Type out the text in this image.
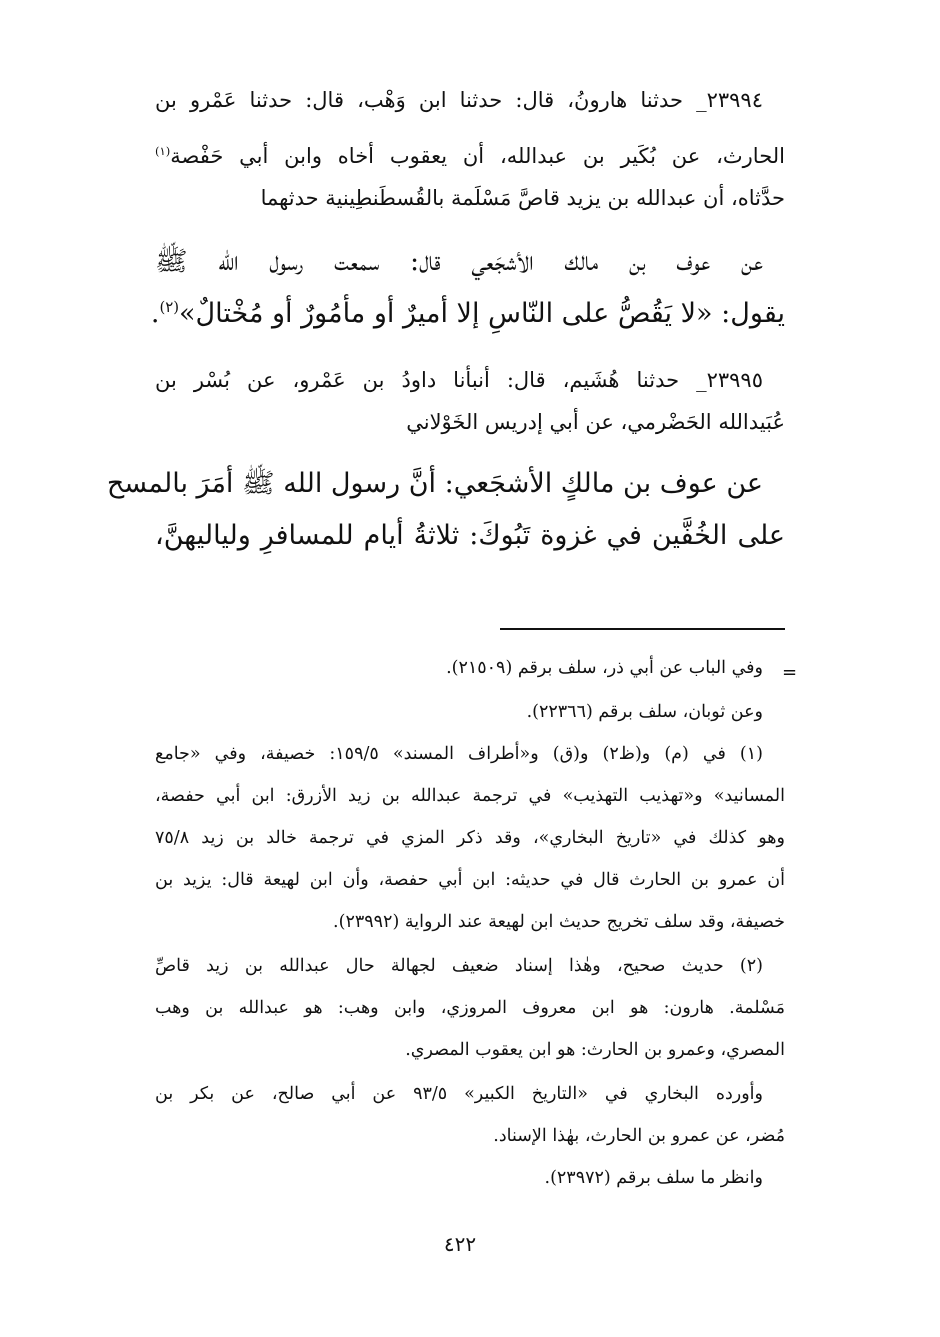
٢٣٩٩٤_ حدثنا هارونُ، قال: حدثنا ابن وَهْب، قال: حدثنا عَمْرو بن
الحارث، عن بُكَير بن عبدالله، أن يعقوب أخاه وابن أبي حَفْصة$^{(١)}$
حدَّثاه، أن عبدالله بن يزيد قاصَّ مَسْلَمة بالقُسطَنطِينية حدثهما
عن عوف بن مالك الأشجَعي قال: سمعت رسول الله ﷺ
يقول: «لا يَقُصُّ على النّاسِ إلا أميرٌ أو مأمُورٌ أو مُخْتالٌ»$^{(٢)}$.
٢٣٩٩٥_ حدثنا هُشَيم، قال: أنبأنا داودُ بن عَمْرو، عن بُسْر بن
عُبَيدالله الحَضْرمي، عن أبي إدريس الخَوْلاني
عن عوف بن مالكٍ الأشجَعي: أنَّ رسول الله ﷺ أمَرَ بالمسح
على الخُفَّين في غزوة تَبُوكَ: ثلاثةُ أيام للمسافرِ ولياليهنَّ،
=
وفي الباب عن أبي ذر، سلف برقم (٢١٥٠٩).
وعن ثوبان، سلف برقم (٢٢٣٦٦).
(١) في (م) و(ظ٢) و(ق) و«أطراف المسند» ١٥٩/٥: خصيفة، وفي «جامع
المسانيد» و«تهذيب التهذيب» في ترجمة عبدالله بن زيد الأزرق: ابن أبي حفصة،
وهو كذلك في «تاريخ البخاري»، وقد ذكر المزي في ترجمة خالد بن زيد ٧٥/٨
أن عمرو بن الحارث قال في حديثه: ابن أبي حفصة، وأن ابن لهيعة قال: يزيد بن
خصيفة، وقد سلف تخريج حديث ابن لهيعة عند الرواية (٢٣٩٩٢).
(٢) حديث صحيح، وهٰذا إسناد ضعيف لجهالة حال عبدالله بن زيد قاصِّ
مَسْلمة. هارون: هو ابن معروف المروزي، وابن وهب: هو عبدالله بن وهب
المصري، وعمرو بن الحارث: هو ابن يعقوب المصري.
وأورده البخاري في «التاريخ الكبير» ٩٣/٥ عن أبي صالح، عن بكر بن
مُضر، عن عمرو بن الحارث، بهٰذا الإسناد.
وانظر ما سلف برقم (٢٣٩٧٢).
٤٢٢
